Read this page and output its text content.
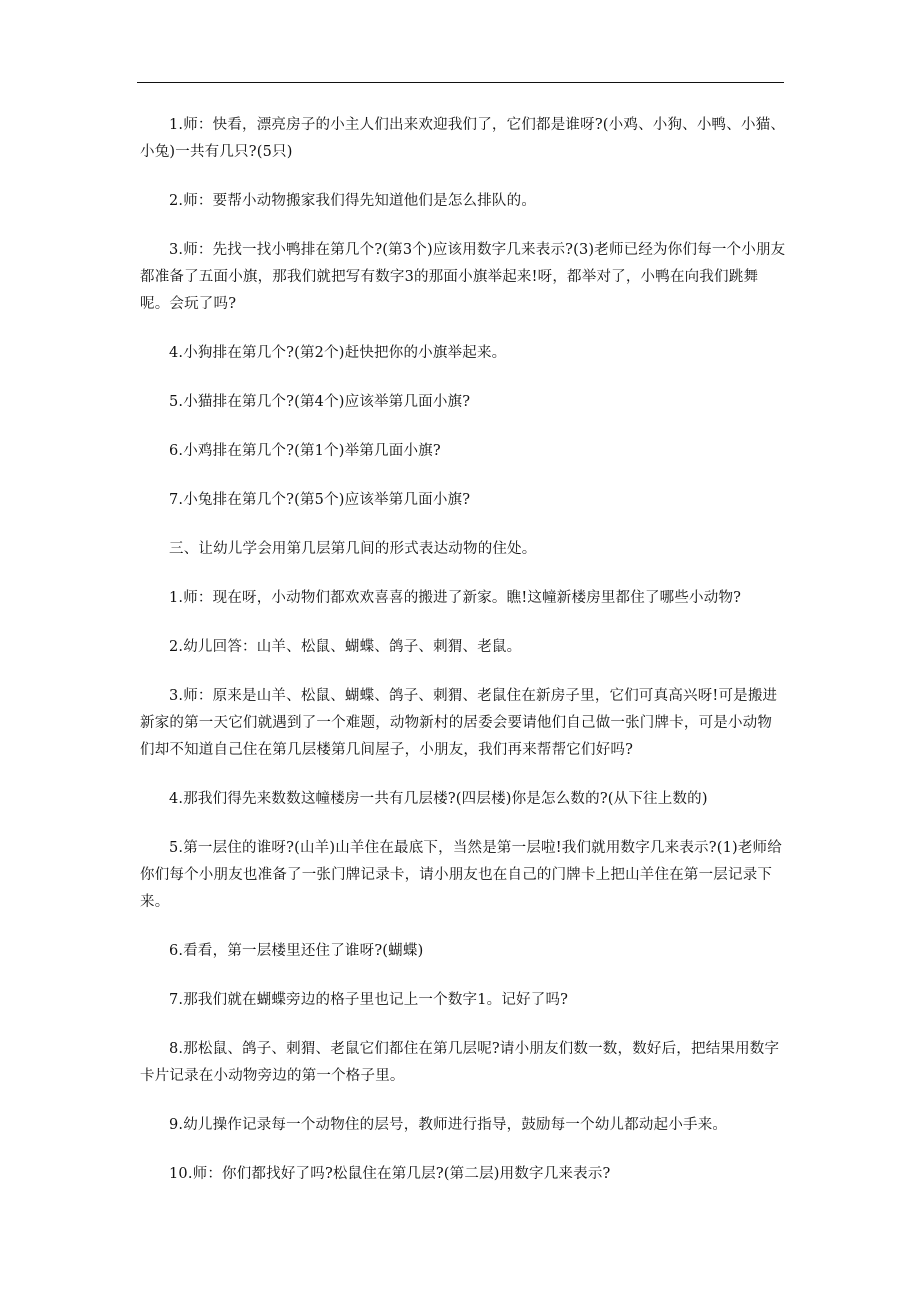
1.师：快看，漂亮房子的小主人们出来欢迎我们了，它们都是谁呀?(小鸡、小狗、小鸭、小猫、小兔)一共有几只?(5只)

2.师：要帮小动物搬家我们得先知道他们是怎么排队的。

3.师：先找一找小鸭排在第几个?(第3个)应该用数字几来表示?(3)老师已经为你们每一个小朋友都准备了五面小旗，那我们就把写有数字3的那面小旗举起来!呀，都举对了，小鸭在向我们跳舞呢。会玩了吗?

4.小狗排在第几个?(第2个)赶快把你的小旗举起来。

5.小猫排在第几个?(第4个)应该举第几面小旗?

6.小鸡排在第几个?(第1个)举第几面小旗?

7.小兔排在第几个?(第5个)应该举第几面小旗?

三、让幼儿学会用第几层第几间的形式表达动物的住处。

1.师：现在呀，小动物们都欢欢喜喜的搬进了新家。瞧!这幢新楼房里都住了哪些小动物?

2.幼儿回答：山羊、松鼠、蝴蝶、鸽子、刺猬、老鼠。

3.师：原来是山羊、松鼠、蝴蝶、鸽子、刺猬、老鼠住在新房子里，它们可真高兴呀!可是搬进新家的第一天它们就遇到了一个难题，动物新村的居委会要请他们自己做一张门牌卡，可是小动物们却不知道自己住在第几层楼第几间屋子，小朋友，我们再来帮帮它们好吗?

4.那我们得先来数数这幢楼房一共有几层楼?(四层楼)你是怎么数的?(从下往上数的)

5.第一层住的谁呀?(山羊)山羊住在最底下，当然是第一层啦!我们就用数字几来表示?(1)老师给你们每个小朋友也准备了一张门牌记录卡，请小朋友也在自己的门牌卡上把山羊住在第一层记录下来。

6.看看，第一层楼里还住了谁呀?(蝴蝶)

7.那我们就在蝴蝶旁边的格子里也记上一个数字1。记好了吗?

8.那松鼠、鸽子、刺猬、老鼠它们都住在第几层呢?请小朋友们数一数，数好后，把结果用数字卡片记录在小动物旁边的第一个格子里。

9.幼儿操作记录每一个动物住的层号，教师进行指导，鼓励每一个幼儿都动起小手来。

10.师：你们都找好了吗?松鼠住在第几层?(第二层)用数字几来表示?
